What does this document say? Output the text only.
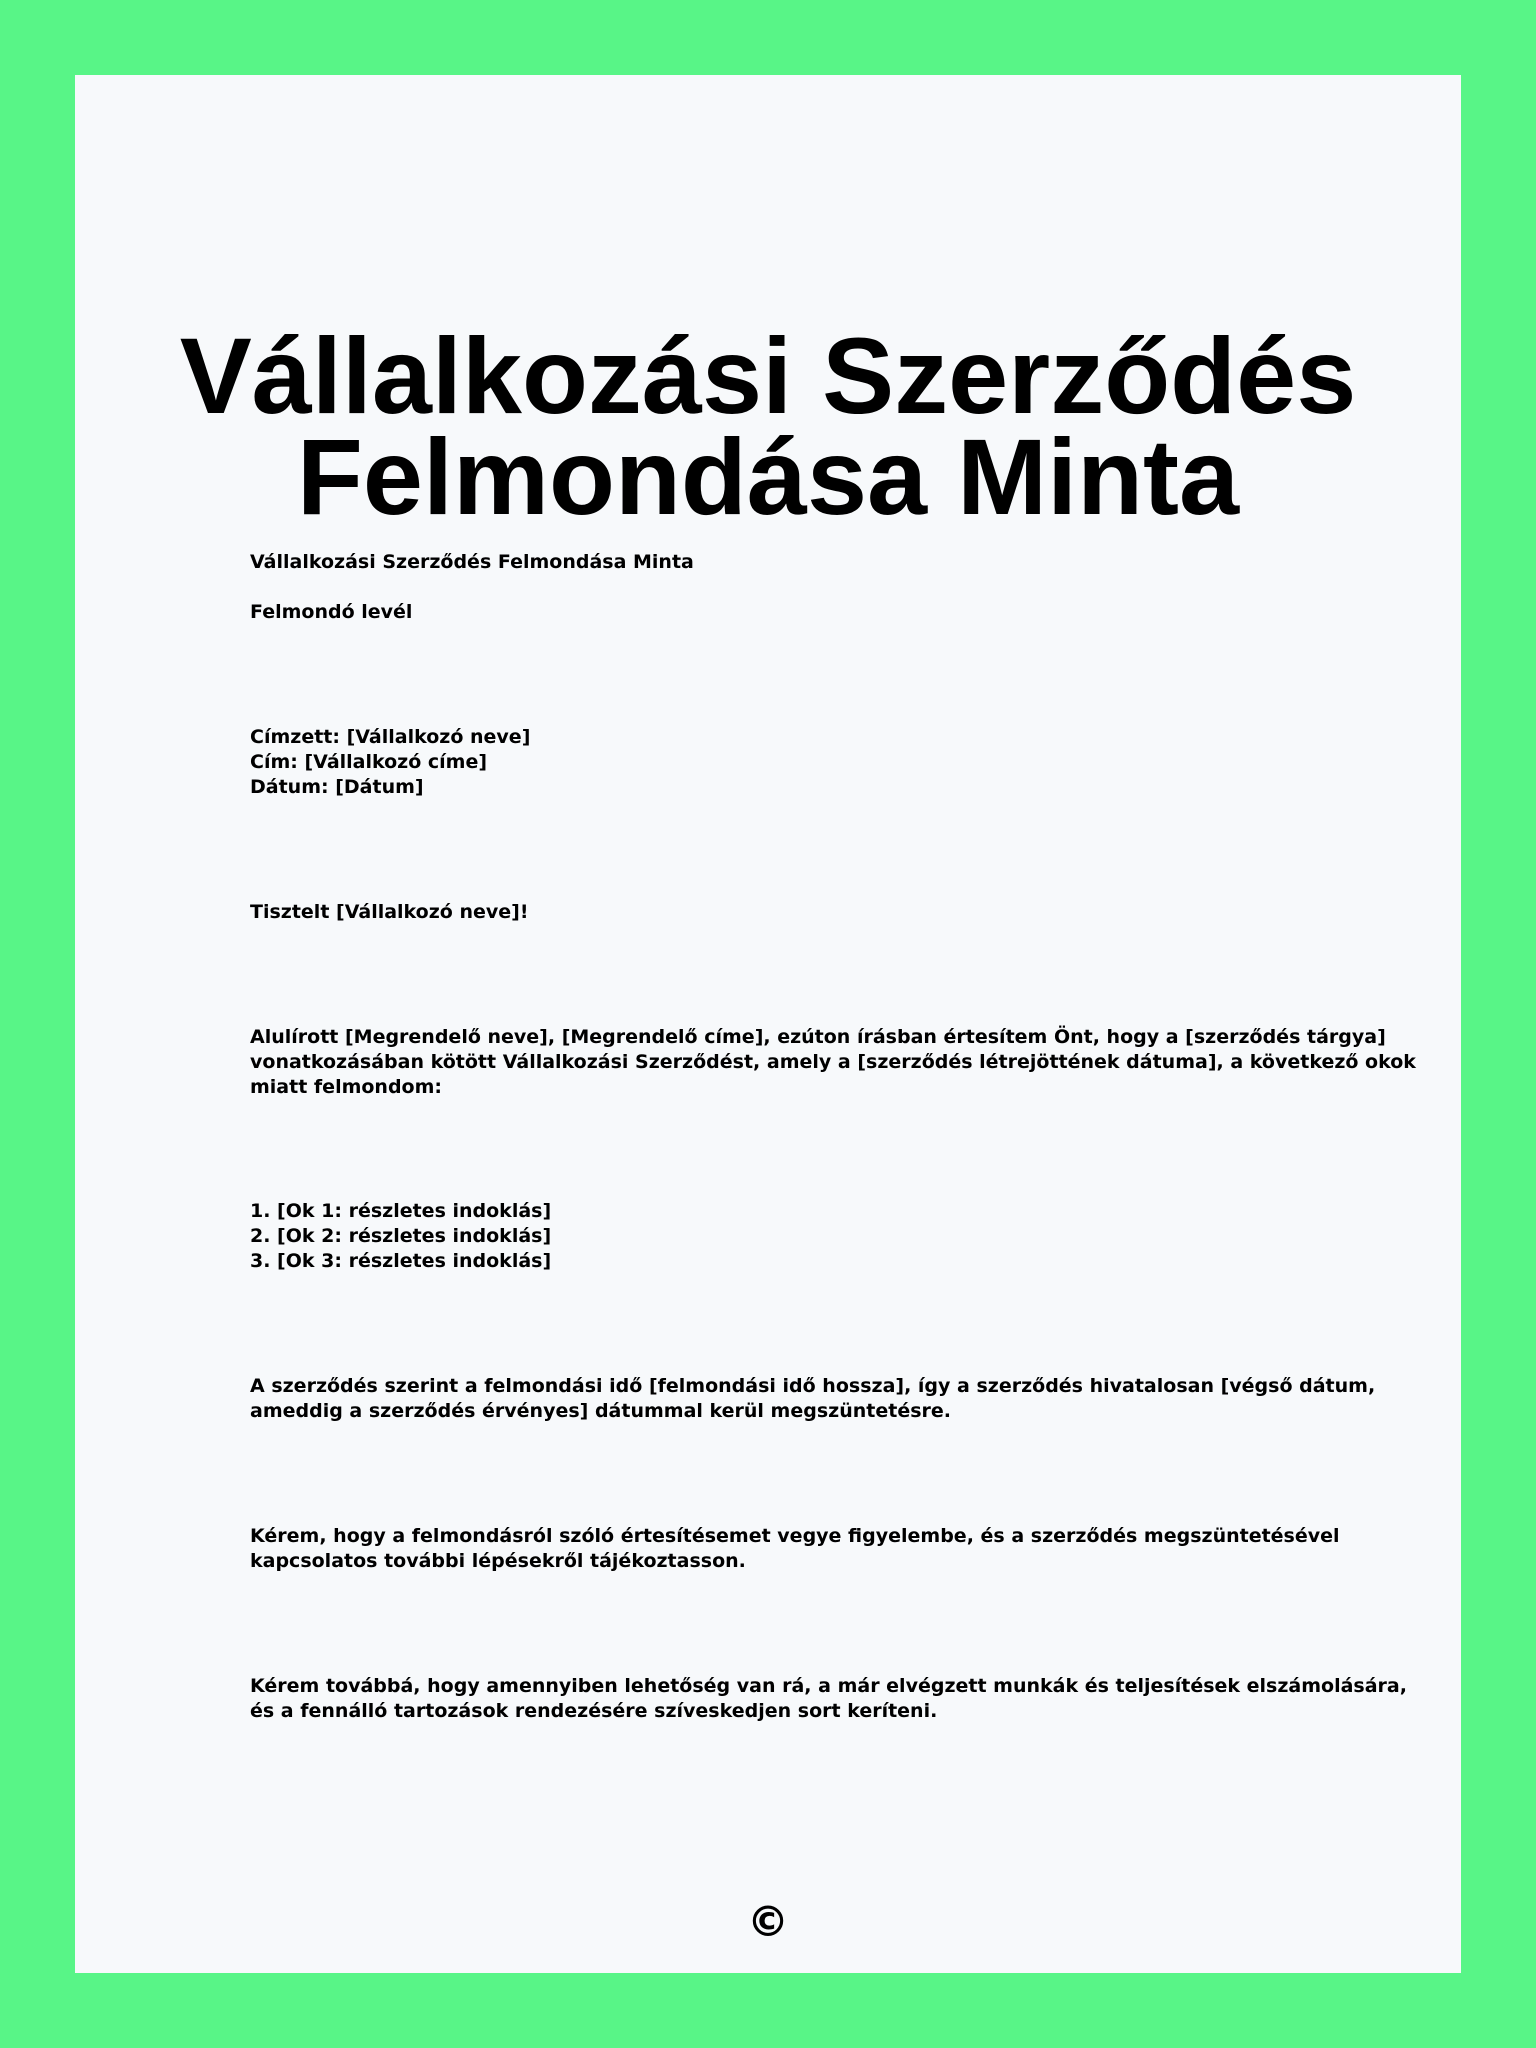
Vállalkozási Szerződés
Felmondása Minta

Vállalkozási Szerződés Felmondása Minta

Felmondó levél

Címzett: [Vállalkozó neve]
Cím: [Vállalkozó címe]
Dátum: [Dátum]

Tisztelt [Vállalkozó neve]!

Alulírott [Megrendelő neve], [Megrendelő címe], ezúton írásban értesítem Önt, hogy a [szerződés tárgya]
vonatkozásában kötött Vállalkozási Szerződést, amely a [szerződés létrejöttének dátuma], a következő okok
miatt felmondom:
1. [Ok 1: részletes indoklás]
2. [Ok 2: részletes indoklás]
3. [Ok 3: részletes indoklás]
A szerződés szerint a felmondási idő [felmondási idő hossza], így a szerződés hivatalosan [végső dátum,
ameddig a szerződés érvényes] dátummal kerül megszüntetésre.
Kérem, hogy a felmondásról szóló értesítésemet vegye figyelembe, és a szerződés megszüntetésével
kapcsolatos további lépésekről tájékoztasson.
Kérem továbbá, hogy amennyiben lehetőség van rá, a már elvégzett munkák és teljesítések elszámolására,
és a fennálló tartozások rendezésére szíveskedjen sort keríteni.
©
